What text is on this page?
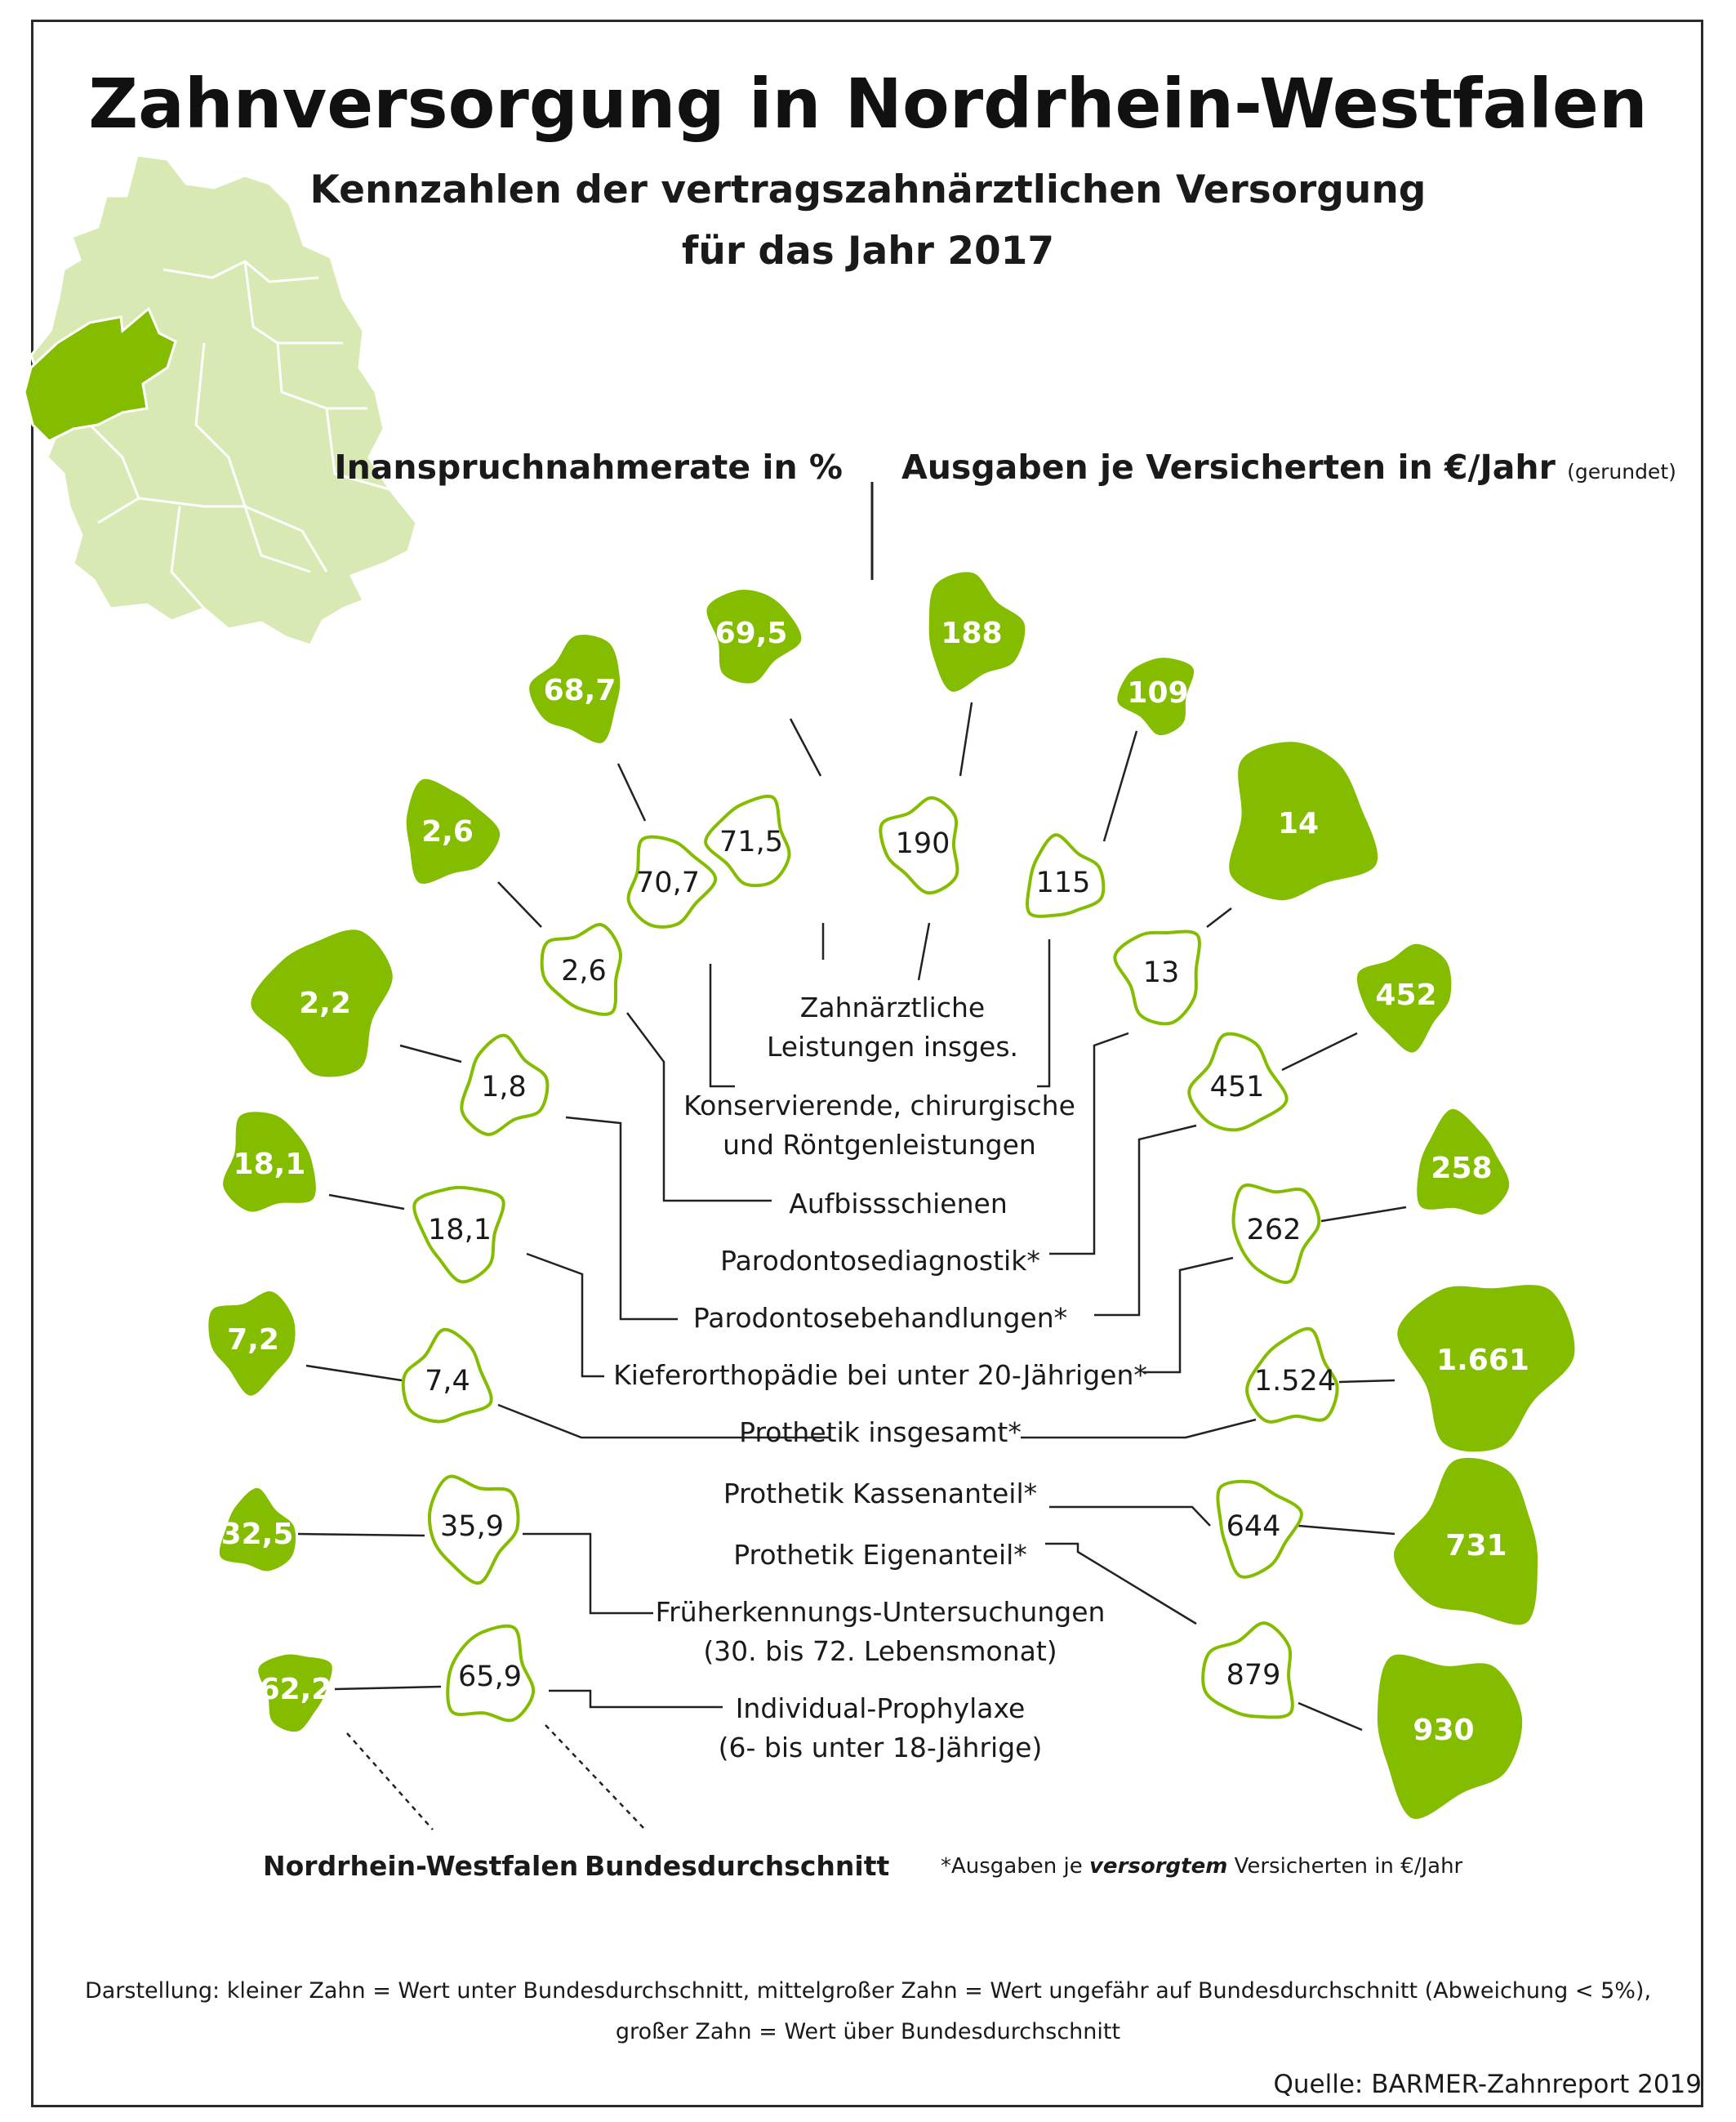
69,5
71,5
68,7
70,7
2,6
2,6
2,2
1,8
18,1
18,1
7,2
7,4
32,5	35,9
62,2	65,9
188
190
109
115
14
13
452
451
258
262
1.661
1.524
731
644
930
879
Zahnversorgung in Nordrhein-Westfalen
Kennzahlen der vertragszahnärztlichen Versorgung
für das Jahr 2017
Inanspruchnahmerate in % Ausgaben je Versicherten in €/Jahr (gerundet)
Zahnärztliche
Leistungen insges.
Konservierende, chirurgische
und Röntgenleistungen
Aufbissschienen
Parodontosediagnostik*
Parodontosebehandlungen*
Kieferorthopädie bei unter 20-Jährigen*
Prothetik insgesamt*
Prothetik Kassenanteil*
Prothetik Eigenanteil*
Früherkennungs-Untersuchungen
(30. bis 72. Lebensmonat)
Individual-Prophylaxe
(6- bis unter 18-Jährige)
Nordrhein-Westfalen Bundesdurchschnitt *Ausgaben je versorgtem Versicherten in €/Jahr
Darstellung: kleiner Zahn = Wert unter Bundesdurchschnitt, mittelgroßer Zahn = Wert ungefähr auf Bundesdurchschnitt (Abweichung < 5%),
großer Zahn = Wert über Bundesdurchschnitt
Quelle: BARMER-Zahnreport 2019
